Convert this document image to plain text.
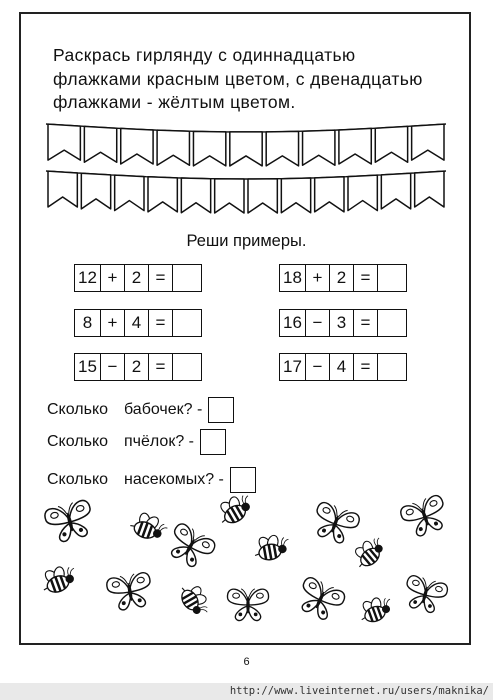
Раскрась гирлянду с одиннадцатью
флажками красным цветом, с двенадцатью
флажками - жёлтым цветом.
Реши примеры.
12 + 2 =	18 + 2 =
8 + 4 =	16 − 3 =
15 − 2 =	17 − 4 =
Сколько бабочек? -
Сколько пчёлок? -
Сколько насекомых? -
6
http://www.liveinternet.ru/users/maknika/
